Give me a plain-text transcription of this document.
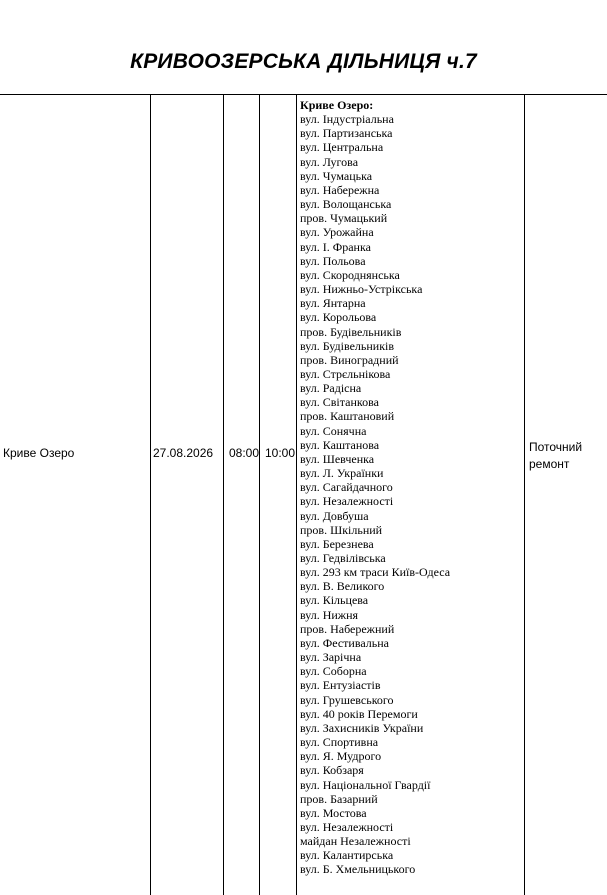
КРИВООЗЕРСЬКА ДІЛЬНИЦЯ ч.7
Криве Озеро	27.08.2026 08:00 10:00
Криве Озеро:
вул. Індустріальна
вул. Партизанська
вул. Центральна
вул. Лугова
вул. Чумацька
вул. Набережна
вул. Волощанська
пров. Чумацький
вул. Урожайна
вул. І. Франка
вул. Польова
вул. Скороднянська
вул. Нижньо-Устрікська
вул. Янтарна
вул. Корольова
пров. Будівельників
вул. Будівельників
пров. Виноградний
вул. Стрєльнікова
вул. Радісна
вул. Світанкова
пров. Каштановий
вул. Сонячна
вул. Каштанова
вул. Шевченка
вул. Л. Українки
вул. Сагайдачного
вул. Незалежності
вул. Довбуша
пров. Шкільний
вул. Березнева
вул. Гедвілівська
вул. 293 км траси Київ-Одеса
вул. В. Великого
вул. Кільцева
вул. Нижня
пров. Набережний
вул. Фестивальна
вул. Зарічна
вул. Соборна
вул. Ентузіастів
вул. Грушевського
вул. 40 років Перемоги
вул. Захисників України
вул. Спортивна
вул. Я. Мудрого
вул. Кобзаря
вул. Національної Гвардії
пров. Базарний
вул. Мостова
вул. Незалежності
майдан Незалежності
вул. Калантирська
вул. Б. Хмельницького
Поточний
ремонт
